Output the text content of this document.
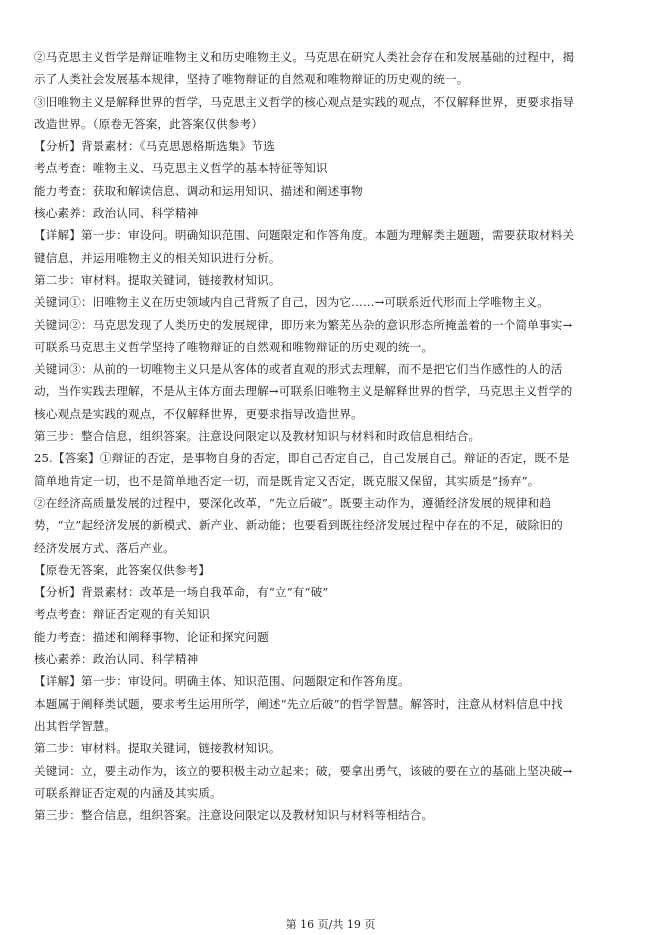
②马克思主义哲学是辩证唯物主义和历史唯物主义。马克思在研究人类社会存在和发展基础的过程中，揭
示了人类社会发展基本规律，坚持了唯物辩证的自然观和唯物辩证的历史观的统一。
③旧唯物主义是解释世界的哲学，马克思主义哲学的核心观点是实践的观点，不仅解释世界，更要求指导
改造世界。（原卷无答案，此答案仅供参考）
【分析】背景素材：《马克思恩格斯选集》节选
考点考查：唯物主义、马克思主义哲学的基本特征等知识
能力考查：获取和解读信息、调动和运用知识、描述和阐述事物
核心素养：政治认同、科学精神
【详解】第一步：审设问。明确知识范围、问题限定和作答角度。本题为理解类主题题，需要获取材料关
键信息，并运用唯物主义的相关知识进行分析。
第二步：审材料。提取关键词，链接教材知识。
关键词①：旧唯物主义在历史领域内自己背叛了自己，因为它……→可联系近代形而上学唯物主义。
关键词②：马克思发现了人类历史的发展规律，即历来为繁芜丛杂的意识形态所掩盖着的一个简单事实→
可联系马克思主义哲学坚持了唯物辩证的自然观和唯物辩证的历史观的统一。
关键词③：从前的一切唯物主义只是从客体的或者直观的形式去理解，而不是把它们当作感性的人的活
动，当作实践去理解，不是从主体方面去理解→可联系旧唯物主义是解释世界的哲学，马克思主义哲学的
核心观点是实践的观点，不仅解释世界，更要求指导改造世界。
第三步：整合信息，组织答案。注意设问限定以及教材知识与材料和时政信息相结合。
25.【答案】①辩证的否定，是事物自身的否定，即自己否定自己，自己发展自己。辩证的否定，既不是
简单地肯定一切，也不是简单地否定一切，而是既肯定又否定，既克服又保留，其实质是“扬弃”。
②在经济高质量发展的过程中，要深化改革，“先立后破”。既要主动作为，遵循经济发展的规律和趋
势，“立”起经济发展的新模式、新产业、新动能；也要看到既往经济发展过程中存在的不足，破除旧的
经济发展方式、落后产业。
【原卷无答案，此答案仅供参考】
【分析】背景素材：改革是一场自我革命，有“立”有“破”
考点考查：辩证否定观的有关知识
能力考查：描述和阐释事物、论证和探究问题
核心素养：政治认同、科学精神
【详解】第一步：审设问。明确主体、知识范围、问题限定和作答角度。
本题属于阐释类试题，要求考生运用所学，阐述“先立后破”的哲学智慧。解答时，注意从材料信息中找
出其哲学智慧。
第二步：审材料。提取关键词，链接教材知识。
关键词：立，要主动作为，该立的要积极主动立起来；破，要拿出勇气，该破的要在立的基础上坚决破→
可联系辩证否定观的内涵及其实质。
第三步：整合信息，组织答案。注意设问限定以及教材知识与材料等相结合。
第 16 页/共 19 页
